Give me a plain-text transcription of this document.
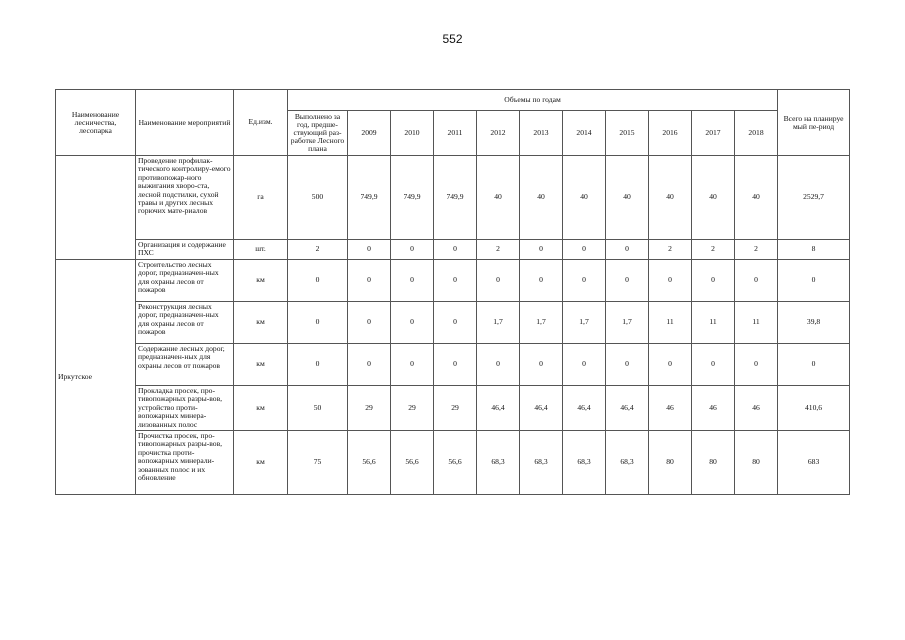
552
Наименование лесничества, лесопарка	Наименование мероприятий	Ед.изм.	Объемы по годам											Всего на планируе мый пе-риод
			Выполнено за год, предше-ствующий раз-работке Лесного плана	2009	2010	2011	2012	2013	2014	2015	2016	2017	2018	
	Проведение профилак-тического контролиру-емого противопожар-ного выжигания хворо-ста, лесной подстилки, сухой травы и других лесных горючих мате-риалов	га	500	749,9	749,9	749,9	40	40	40	40	40	40	40	2529,7
	Организация и содержание ПХС	шт.	2	0	0	0	2	0	0	0	2	2	2	8
Иркутское	Строительство лесных дорог, предназначен-ных для охраны лесов от пожаров	км	0	0	0	0	0	0	0	0	0	0	0	0
	Реконструкция лесных дорог, предназначен-ных для охраны лесов от пожаров	км	0	0	0	0	1,7	1,7	1,7	1,7	11	11	11	39,8
	Содержание лесных дорог, предназначен-ных для охраны лесов от пожаров	км	0	0	0	0	0	0	0	0	0	0	0	0
	Прокладка просек, про-тивопожарных разры-вов, устройство проти-вопожарных минера-лизованных полос	км	50	29	29	29	46,4	46,4	46,4	46,4	46	46	46	410,6
	Прочистка просек, про-тивопожарных разры-вов, прочистка проти-вопожарных минерали-зованных полос и их обновление	км	75	56,6	56,6	56,6	68,3	68,3	68,3	68,3	80	80	80	683
